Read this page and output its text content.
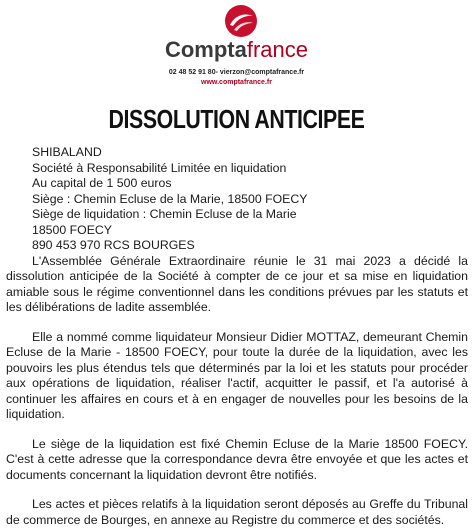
Comptafrance
02 48 52 91 80- vierzon@comptafrance.fr
www.comptafrance.fr
DISSOLUTION ANTICIPEE
SHIBALAND
Société à Responsabilité Limitée en liquidation
Au capital de 1 500 euros
Siège : Chemin Ecluse de la Marie, 18500 FOECY
Siège de liquidation : Chemin Ecluse de la Marie
18500 FOECY
890 453 970 RCS BOURGES

L'Assemblée Générale Extraordinaire réunie le 31 mai 2023 a décidé la dissolution anticipée de la Société à compter de ce jour et sa mise en liquidation amiable sous le régime conventionnel dans les conditions prévues par les statuts et les délibérations de ladite assemblée.

Elle a nommé comme liquidateur Monsieur Didier MOTTAZ, demeurant Chemin Ecluse de la Marie - 18500 FOECY, pour toute la durée de la liquidation, avec les pouvoirs les plus étendus tels que déterminés par la loi et les statuts pour procéder aux opérations de liquidation, réaliser l'actif, acquitter le passif, et l'a autorisé à continuer les affaires en cours et à en engager de nouvelles pour les besoins de la liquidation.

Le siège de la liquidation est fixé Chemin Ecluse de la Marie 18500 FOECY. C'est à cette adresse que la correspondance devra être envoyée et que les actes et documents concernant la liquidation devront être notifiés.

Les actes et pièces relatifs à la liquidation seront déposés au Greffe du Tribunal de commerce de Bourges, en annexe au Registre du commerce et des sociétés.
